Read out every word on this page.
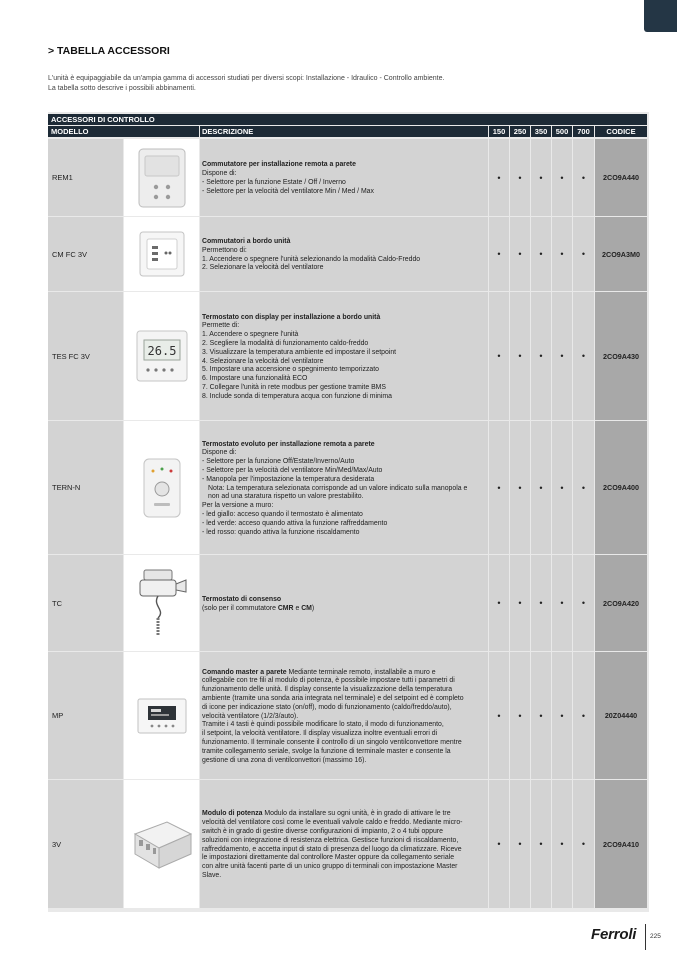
> TABELLA ACCESSORI
L'unità è equipaggiabile da un'ampia gamma di accessori studiati per diversi scopi: Installazione - Idraulico - Controllo ambiente.
La tabella sotto descrive i possibili abbinamenti.
ACCESSORI DI CONTROLLO
MODELLO	DESCRIZIONE	150	250	350	500	700	CODICE
REM1
Commutatore per installazione remota a parete
Dispone di:
- Selettore per la funzione Estate / Off / Inverno
- Selettore per la velocità del ventilatore Min / Med / Max
•	•	•	•	•	2CO9A440
CM FC 3V
Commutatori a bordo unità
Permettono di:
1. Accendere o spegnere l'unità selezionando la modalità Caldo-Freddo
2. Selezionare la velocità del ventilatore
•	•	•	•	•	2CO9A3M0
TES FC 3V	26.5
Termostato con display per installazione a bordo unità
Permette di:
1. Accendere o spegnere l'unità
2. Scegliere la modalità di funzionamento caldo-freddo
3. Visualizzare la temperatura ambiente ed impostare il setpoint
4. Selezionare la velocità del ventilatore
5. Impostare una accensione o spegnimento temporizzato
6. Impostare una funzionalità ECO
7. Collegare l'unità in rete modbus per gestione tramite BMS
8. Include sonda di temperatura acqua con funzione di minima
•	•	•	•	•	2CO9A430
TERN-N
Termostato evoluto per installazione remota a parete
Dispone di:
- Selettore per la funzione Off/Estate/Inverno/Auto
- Selettore per la velocità del ventilatore Min/Med/Max/Auto
- Manopola per l'impostazione la temperatura desiderata
Nota: La temperatura selezionata corrisponde ad un valore indicato sulla manopola e
non ad una staratura rispetto un valore prestabilito.
Per la versione a muro:
- led giallo: acceso quando il termostato è alimentato
- led verde: acceso quando attiva la funzione raffreddamento
- led rosso: quando attiva la funzione riscaldamento
•	•	•	•	•	2CO9A400
TC	Termostato di consenso
(solo per il commutatore CMR e CM)	•	•	•	•	•	2CO9A420
MP
Comando master a parete Mediante terminale remoto, installabile a muro e
collegabile con tre fili al modulo di potenza, è possibile impostare tutti i parametri di
funzionamento delle unità. Il display consente la visualizzazione della temperatura
ambiente (tramite una sonda aria integrata nel terminale) e del setpoint ed è completo
di icone per indicazione stato (on/off), modo di funzionamento (caldo/freddo/auto),
velocità ventilatore (1/2/3/auto).
Tramite i 4 tasti è quindi possibile modificare lo stato, il modo di funzionamento,
il setpoint, la velocità ventilatore. Il display visualizza inoltre eventuali errori di
funzionamento. Il terminale consente il controllo di un singolo ventilconvettore mentre
tramite collegamento seriale, svolge la funzione di terminale master e consente la
gestione di una zona di ventilconvettori (massimo 16).
•	•	•	•	•	20Z04440
3V
Modulo di potenza Modulo da installare su ogni unità, è in grado di attivare le tre
velocità del ventilatore così come le eventuali valvole caldo e freddo. Mediante micro-
switch è in grado di gestire diverse configurazioni di impianto, 2 o 4 tubi oppure
soluzioni con integrazione di resistenza elettrica. Gestisce funzioni di riscaldamento,
raffreddamento, e accetta input di stato di presenza del luogo da climatizzare. Riceve
le impostazioni direttamente dal controllore Master oppure da collegamento seriale
con altre unità facenti parte di un unico gruppo di terminali con impostazione Master
Slave.
•	•	•	•	•	2CO9A410
Ferroli 225
